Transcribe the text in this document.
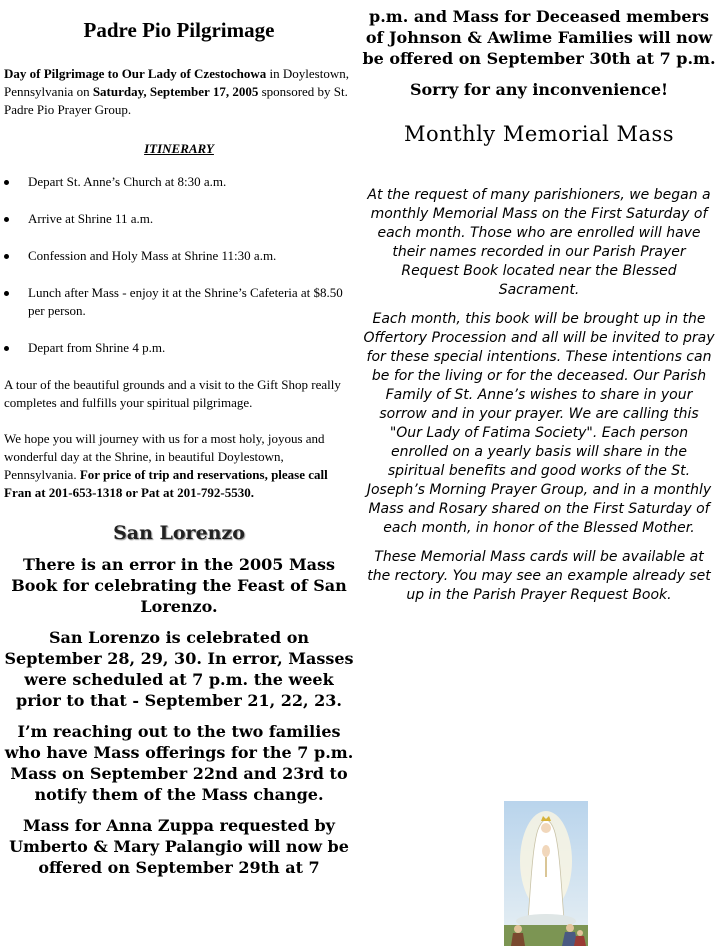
Padre Pio Pilgrimage

Day of Pilgrimage to Our Lady of Czestochowa in Doylestown, Pennsylvania on Saturday, September 17, 2005 sponsored by St. Padre Pio Prayer Group.

ITINERARY
Depart St. Anne’s Church at 8:30 a.m.
Arrive at Shrine 11 a.m.
Confession and Holy Mass at Shrine 11:30 a.m.
Lunch after Mass - enjoy it at the Shrine’s Cafeteria at $8.50 per person.
Depart from Shrine 4 p.m.

A tour of the beautiful grounds and a visit to the Gift Shop really completes and fulfills your spiritual pilgrimage.

We hope you will journey with us for a most holy, joyous and wonderful day at the Shrine, in beautiful Doylestown, Pennsylvania. For price of trip and reservations, please call Fran at 201-653-1318 or Pat at 201-792-5530.

San Lorenzo

There is an error in the 2005 Mass Book for celebrating the Feast of San Lorenzo.

San Lorenzo is celebrated on September 28, 29, 30. In error, Masses were scheduled at 7 p.m. the week prior to that - September 21, 22, 23.

I’m reaching out to the two families who have Mass offerings for the 7 p.m. Mass on September 22nd and 23rd to notify them of the Mass change.

Mass for Anna Zuppa requested by Umberto & Mary Palangio will now be offered on September 29th at 7

p.m. and Mass for Deceased members of Johnson & Awlime Families will now be offered on September 30th at 7 p.m.

Sorry for any inconvenience!

Monthly Memorial Mass

At the request of many parishioners, we began a monthly Memorial Mass on the First Saturday of each month. Those who are enrolled will have their names recorded in our Parish Prayer Request Book located near the Blessed Sacrament.

Each month, this book will be brought up in the Offertory Procession and all will be invited to pray for these special intentions. These intentions can be for the living or for the deceased. Our Parish Family of St. Anne’s wishes to share in your sorrow and in your prayer. We are calling this "Our Lady of Fatima Society". Each person enrolled on a yearly basis will share in the spiritual benefits and good works of the St. Joseph’s Morning Prayer Group, and in a monthly Mass and Rosary shared on the First Saturday of each month, in honor of the Blessed Mother.

These Memorial Mass cards will be available at the rectory. You may see an example already set up in the Parish Prayer Request Book.
